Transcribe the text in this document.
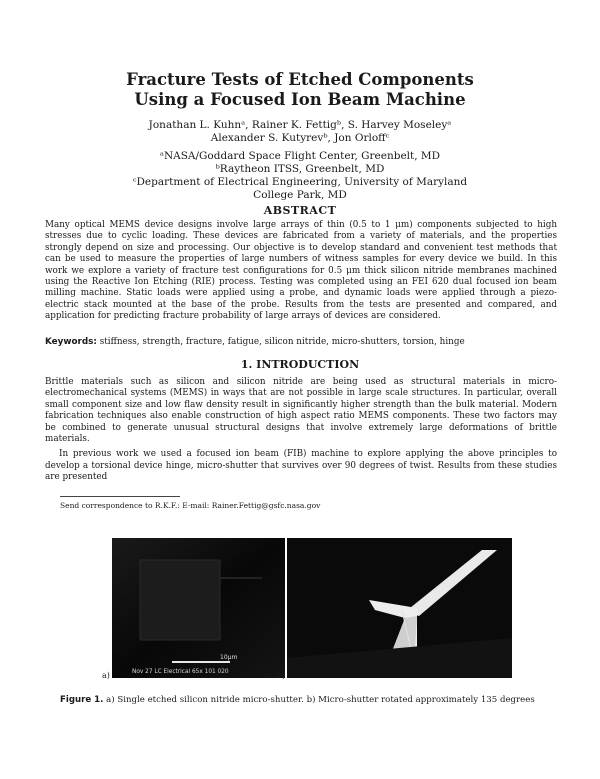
Fracture Tests of Etched Components
Using a Focused Ion Beam Machine
Jonathan L. Kuhnᵃ, Rainer K. Fettigᵇ, S. Harvey Moseleyᵃ
Alexander S. Kutyrevᵇ, Jon Orloffᶜ
ᵃNASA/Goddard Space Flight Center, Greenbelt, MD
ᵇRaytheon ITSS, Greenbelt, MD
ᶜDepartment of Electrical Engineering, University of Maryland
College Park, MD
ABSTRACT
Many optical MEMS device designs involve large arrays of thin (0.5 to 1 μm) components subjected to high stresses due to cyclic loading. These devices are fabricated from a variety of materials, and the properties strongly depend on size and processing. Our objective is to develop standard and convenient test methods that can be used to measure the properties of large numbers of witness samples for every device we build. In this work we explore a variety of fracture test configurations for 0.5 μm thick silicon nitride membranes machined using the Reactive Ion Etching (RIE) process. Testing was completed using an FEI 620 dual focused ion beam milling machine. Static loads were applied using a probe, and dynamic loads were applied through a piezo-electric stack mounted at the base of the probe. Results from the tests are presented and compared, and application for predicting fracture probability of large arrays of devices are considered.
Keywords: stiffness, strength, fracture, fatigue, silicon nitride, micro-shutters, torsion, hinge
1. INTRODUCTION

Brittle materials such as silicon and silicon nitride are being used as structural materials in micro-electromechanical systems (MEMS) in ways that are not possible in large scale structures. In particular, overall small component size and low flaw density result in significantly higher strength than the bulk material. Modern fabrication techniques also enable construction of high aspect ratio MEMS components. These two factors may be combined to generate unusual structural designs that involve extremely large deformations of brittle materials.

In previous work we used a focused ion beam (FIB) machine to explore applying the above principles to develop a torsional device hinge, micro-shutter that survives over 90 degrees of twist. Results from these studies are presented

Send correspondence to R.K.F.: E-mail: Rainer.Fettig@gsfc.nasa.gov
10μm
Nov 27 LC Electrical 65x 101 020
a)	b)
Figure 1. a) Single etched silicon nitride micro-shutter. b) Micro-shutter rotated approximately 135 degrees
